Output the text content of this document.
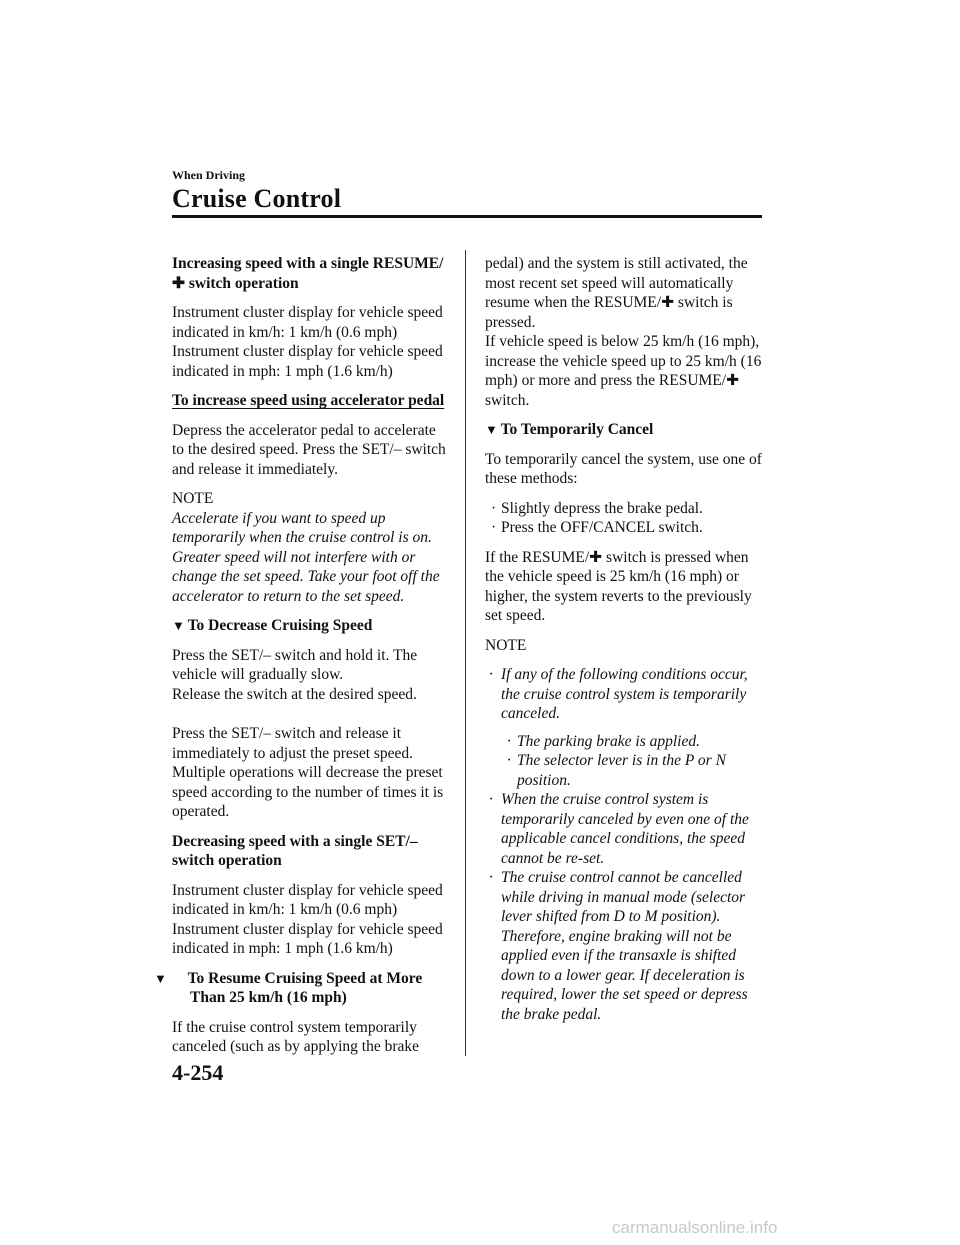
When Driving
Cruise Control

Increasing speed with a single RESUME/✚ switch operation

Instrument cluster display for vehicle speed indicated in km/h: 1 km/h (0.6 mph)

Instrument cluster display for vehicle speed indicated in mph: 1 mph (1.6 km/h)

To increase speed using accelerator pedal

Depress the accelerator pedal to accelerate to the desired speed. Press the SET/– switch and release it immediately.

NOTE

Accelerate if you want to speed up temporarily when the cruise control is on. Greater speed will not interfere with or change the set speed. Take your foot off the accelerator to return to the set speed.

▼ To Decrease Cruising Speed

Press the SET/– switch and hold it. The vehicle will gradually slow.

Release the switch at the desired speed.

Press the SET/– switch and release it immediately to adjust the preset speed. Multiple operations will decrease the preset speed according to the number of times it is operated.

Decreasing speed with a single SET/– switch operation

Instrument cluster display for vehicle speed indicated in km/h: 1 km/h (0.6 mph)

Instrument cluster display for vehicle speed indicated in mph: 1 mph (1.6 km/h)

▼ To Resume Cruising Speed at More Than 25 km/h (16 mph)

If the cruise control system temporarily canceled (such as by applying the brake

pedal) and the system is still activated, the most recent set speed will automatically resume when the RESUME/✚ switch is pressed.

If vehicle speed is below 25 km/h (16 mph), increase the vehicle speed up to 25 km/h (16 mph) or more and press the RESUME/✚ switch.

▼ To Temporarily Cancel

To temporarily cancel the system, use one of these methods:

· Slightly depress the brake pedal.
· Press the OFF/CANCEL switch.

If the RESUME/✚ switch is pressed when the vehicle speed is 25 km/h (16 mph) or higher, the system reverts to the previously set speed.

NOTE

· If any of the following conditions occur, the cruise control system is temporarily canceled.
· The parking brake is applied.
· The selector lever is in the P or N position.
· When the cruise control system is temporarily canceled by even one of the applicable cancel conditions, the speed cannot be re-set.
· The cruise control cannot be cancelled while driving in manual mode (selector lever shifted from D to M position). Therefore, engine braking will not be applied even if the transaxle is shifted down to a lower gear. If deceleration is required, lower the set speed or depress the brake pedal.
4-254
carmanualsonline.info
